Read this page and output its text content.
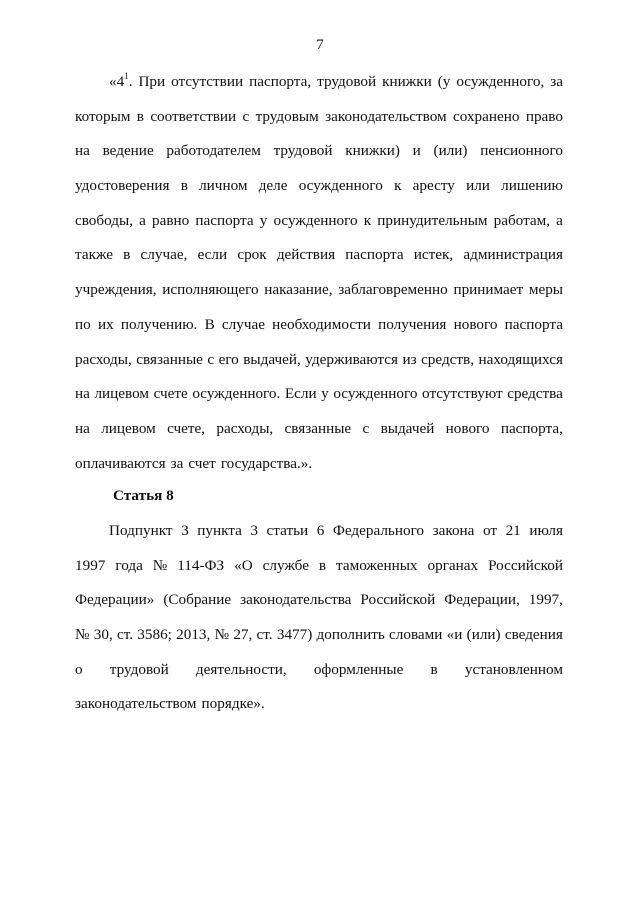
7
«$4^1$. При отсутствии паспорта, трудовой книжки (у осужденного, за
которым в соответствии с трудовым законодательством сохранено право
на ведение работодателем трудовой книжки) и (или) пенсионного
удостоверения в личном деле осужденного к аресту или лишению
свободы, а равно паспорта у осужденного к принудительным работам, а
также в случае, если срок действия паспорта истек, администрация
учреждения, исполняющего наказание, заблаговременно принимает меры
по их получению. В случае необходимости получения нового паспорта
расходы, связанные с его выдачей, удерживаются из средств, находящихся
на лицевом счете осужденного. Если у осужденного отсутствуют средства
на лицевом счете, расходы, связанные с выдачей нового паспорта,
оплачиваются за счет государства.».
Статья 8
Подпункт 3 пункта 3 статьи 6 Федерального закона от 21 июля
1997 года № 114-ФЗ «О службе в таможенных органах Российской
Федерации» (Собрание законодательства Российской Федерации, 1997,
№ 30, ст. 3586; 2013, № 27, ст. 3477) дополнить словами «и (или) сведения
о трудовой деятельности, оформленные в установленном
законодательством порядке».
